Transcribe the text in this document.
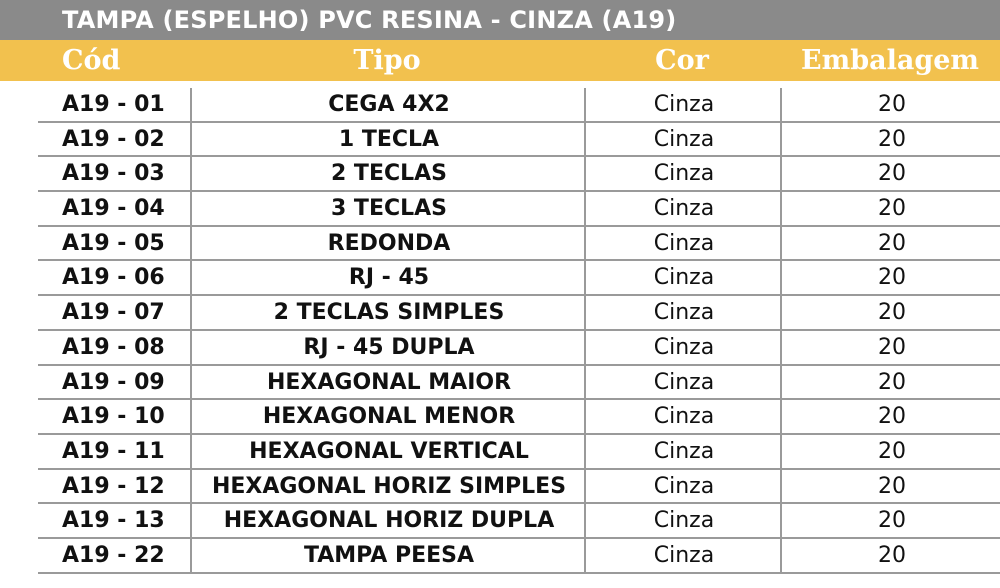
TAMPA (ESPELHO) PVC RESINA - CINZA (A19)
Cód	Tipo	Cor	Embalagem
A19 - 01	CEGA 4X2	Cinza	20
A19 - 02	1 TECLA	Cinza	20
A19 - 03	2 TECLAS	Cinza	20
A19 - 04	3 TECLAS	Cinza	20
A19 - 05	REDONDA	Cinza	20
A19 - 06	RJ - 45	Cinza	20
A19 - 07	2 TECLAS SIMPLES	Cinza	20
A19 - 08	RJ - 45 DUPLA	Cinza	20
A19 - 09	HEXAGONAL MAIOR	Cinza	20
A19 - 10	HEXAGONAL MENOR	Cinza	20
A19 - 11	HEXAGONAL VERTICAL	Cinza	20
A19 - 12	HEXAGONAL HORIZ SIMPLES	Cinza	20
A19 - 13	HEXAGONAL HORIZ DUPLA	Cinza	20
A19 - 22	TAMPA PEESA	Cinza	20
